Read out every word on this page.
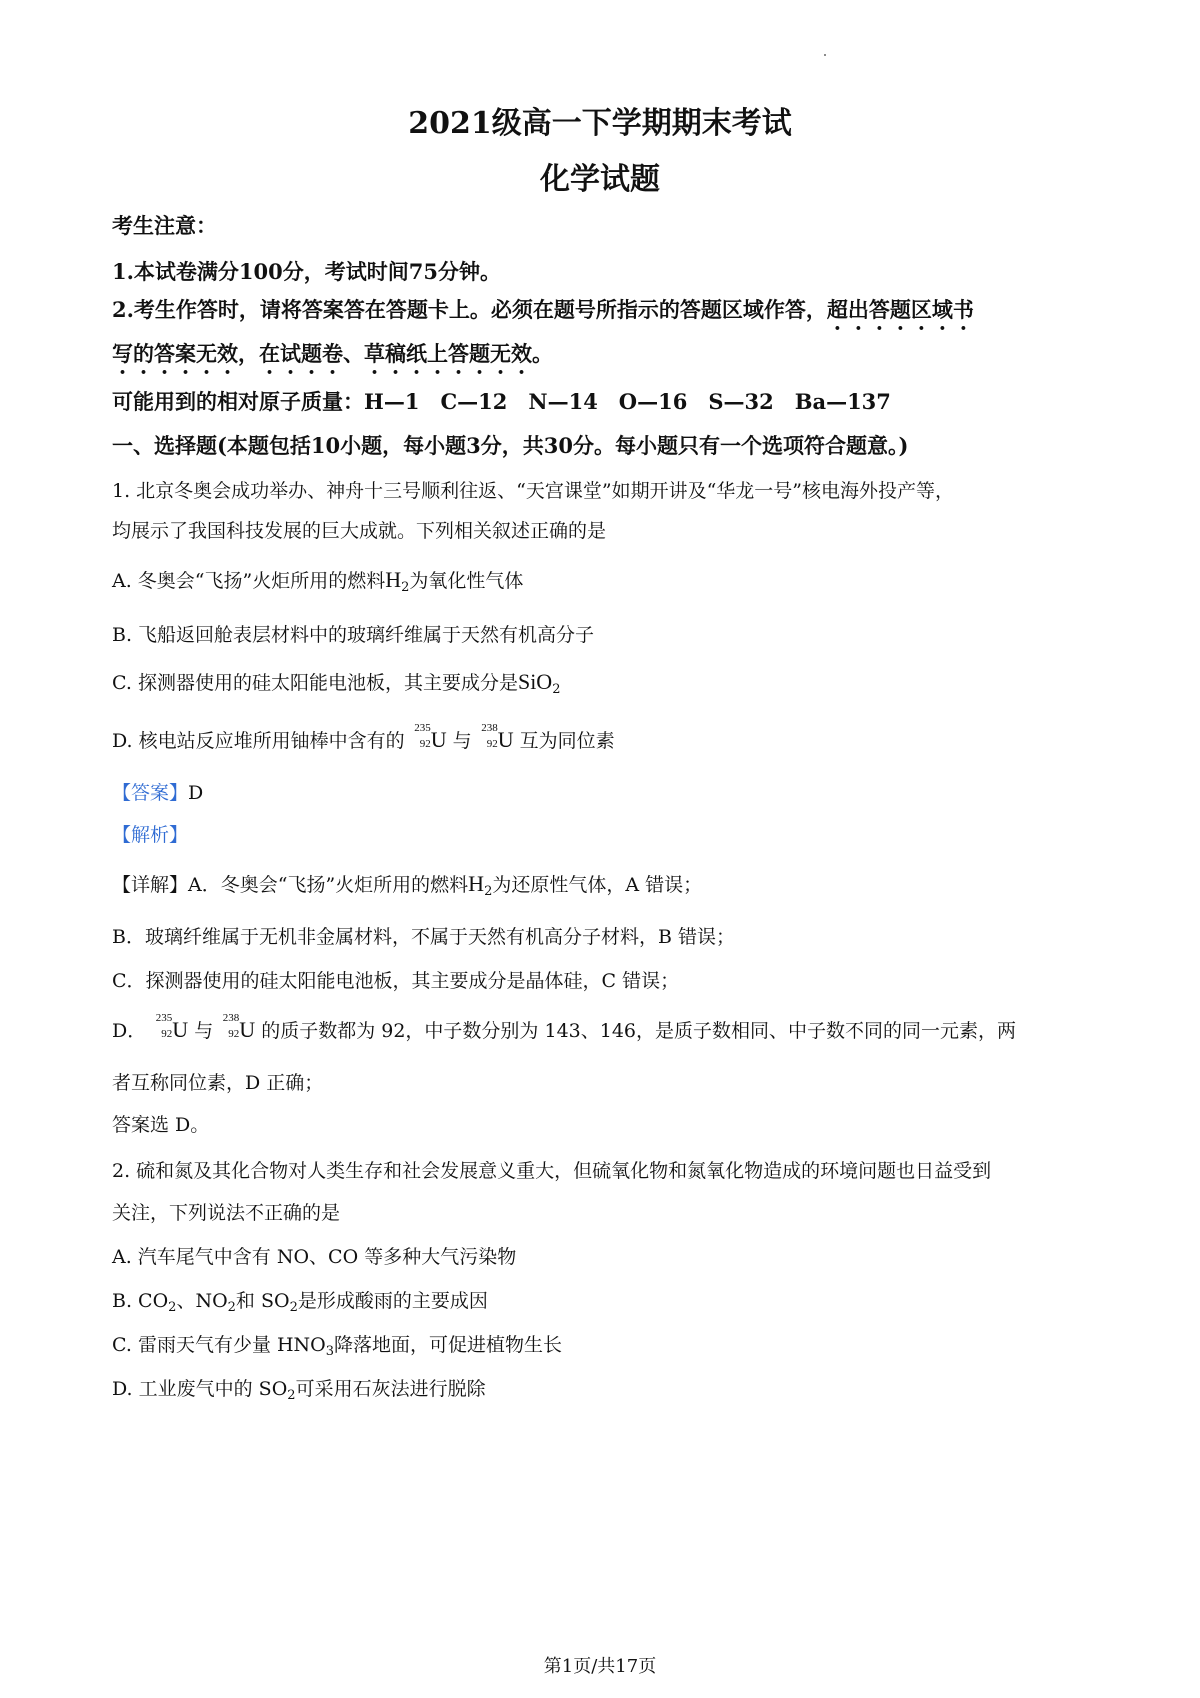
2021级高一下学期期末考试
化学试题
考生注意：
1.本试卷满分100分，考试时间75分钟。
2.考生作答时，请将答案答在答题卡上。必须在题号所指示的答题区域作答，超出答题区域书
写的答案无效，在试题卷、草稿纸上答题无效。
可能用到的相对原子质量：H—1　C—12　N—14　O—16　S—32　Ba—137
一、选择题(本题包括10小题，每小题3分，共30分。每小题只有一个选项符合题意。)
1. 北京冬奥会成功举办、神舟十三号顺利往返、“天宫课堂”如期开讲及“华龙一号”核电海外投产等，
均展示了我国科技发展的巨大成就。下列相关叙述正确的是
A. 冬奥会“飞扬”火炬所用的燃料$H_2$为氧化性气体
B. 飞船返回舱表层材料中的玻璃纤维属于天然有机高分子
C. 探测器使用的硅太阳能电池板，其主要成分是SiO$_2$
D. 核电站反应堆所用铀棒中含有的
235
92 U 与
238
92 U 互为同位素
【答案】D
【解析】
【详解】A．冬奥会“飞扬”火炬所用的燃料$H_2$为还原性气体，A 错误；
B．玻璃纤维属于无机非金属材料，不属于天然有机高分子材料，B 错误；
C．探测器使用的硅太阳能电池板，其主要成分是晶体硅，C 错误；
D．
235
92 U 与
238
92 U 的质子数都为 92，中子数分别为 143、146，是质子数相同、中子数不同的同一元素，两
者互称同位素，D 正确；
答案选 D。
2. 硫和氮及其化合物对人类生存和社会发展意义重大，但硫氧化物和氮氧化物造成的环境问题也日益受到
关注，下列说法不正确的是
A. 汽车尾气中含有 NO、CO 等多种大气污染物
B. $CO_2$、$NO_2$和 $SO_2$是形成酸雨的主要成因
C. 雷雨天气有少量 $HNO_3$降落地面，可促进植物生长
D. 工业废气中的 $SO_2$可采用石灰法进行脱除
第1页/共17页
